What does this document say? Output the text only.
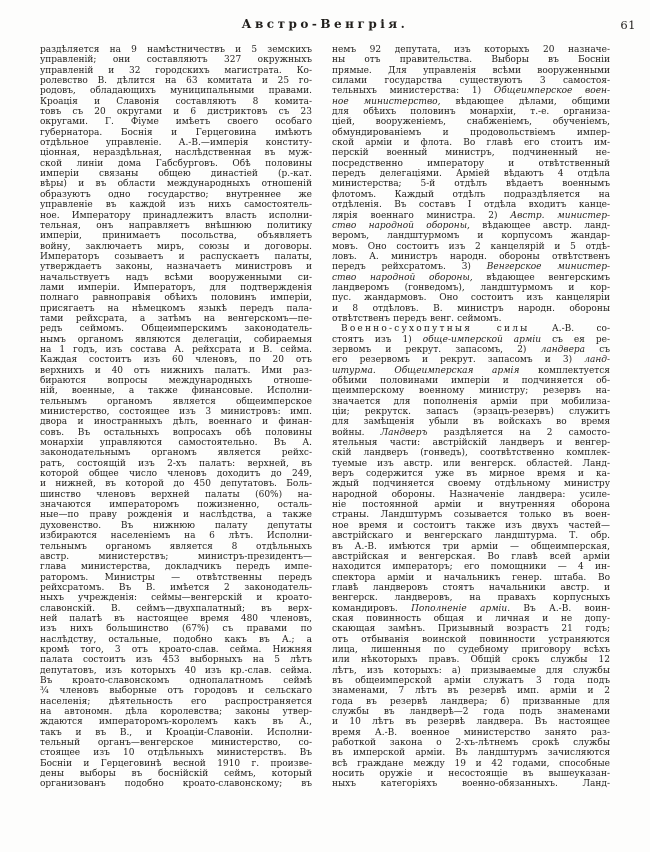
Австро-Венгрія.	61
раздѣляется на 9 намѣстничествъ и 5 земскихъ
управленій; они составляютъ 327 окружныхъ
управленій и 32 городскихъ магистрата. Ко-
ролевство В. дѣлится на 63 комитата и 25 го-
родовъ, обладающихъ муниципальными правами.
Кроація и Славонія составляютъ 8 комита-
товъ съ 20 округами и 6 дистриктовъ съ 23
округами. Г. Фіуме имѣетъ своего особаго
губернатора. Боснія и Герцеговина имѣютъ
отдѣльное управленіе. А.-В.—имперія конститу-
ціонная, нераздѣльная, наслѣдственная въ муж-
ской линіи дома Габсбурговъ. Обѣ половины
имперіи связаны общею династіей (р.-кат.
вѣры) и въ области международныхъ отношеній
образуютъ одно государство; внутреннее же
управленіе въ каждой изъ нихъ самостоятель-
ное. Императору принадлежитъ власть исполни-
тельная, онъ направляетъ внѣшнюю политику
имперіи, принимаетъ посольства, объявляетъ
войну, заключаетъ миръ, союзы и договоры.
Императоръ созываетъ и распускаетъ палаты,
утверждаетъ законы, назначаетъ министровъ и
начальствуетъ надъ всѣми вооруженными си-
лами имперіи. Императоръ, для подтвержденія
полнаго равноправія обѣихъ половинъ имперіи,
присягаетъ на нѣмецкомъ языкѣ передъ пала-
тами рейхсрата, а затѣмъ на венгерскомъ—пе-
редъ сеймомъ. Общеимперскимъ законодатель-
нымъ органомъ являются делегаціи, собираемыя
на 1 годъ, изъ состава А. рейхсрата и В. сейма.
Каждая состоитъ изъ 60 членовъ, по 20 отъ
верхнихъ и 40 отъ нижнихъ палатъ. Ими раз-
бираются вопросы международныхъ отноше-
ній, военные, а также финансовые. Исполни-
тельнымъ органомъ является общеимперское
министерство, состоящее изъ 3 министровъ: имп.
двора и иностранныхъ дѣлъ, военнаго и финан-
совъ. Въ остальныхъ вопросахъ обѣ половины
монархіи управляются самостоятельно. Въ А.
законодательнымъ органомъ является рейхс-
ратъ, состоящій изъ 2-хъ палатъ: верхней, въ
которой общее число членовъ доходитъ до 249,
и нижней, въ которой до 450 депутатовъ. Боль-
шинство членовъ верхней палаты (60%) на-
значаются императоромъ пожизненно, осталь-
ные—по праву рожденія и наслѣдства, а также
духовенство. Въ нижнюю палату депутаты
избираются населеніемъ на 6 лѣтъ. Исполни-
тельнымъ органомъ является 8 отдѣльныхъ
австр. министерствъ; министръ-президентъ—
глава министерства, докладчикъ передъ импе-
раторомъ. Министры — отвѣтственны передъ
рейхсратомъ. Въ В. имѣется 2 законодатель-
ныхъ учрежденія: сеймы—венгерскій и кроато-
славонскій. В. сеймъ—двухпалатный; въ верх-
ней палатѣ въ настоящее время 480 членовъ,
изъ нихъ большинство (67%) съ правами по
наслѣдству, остальные, подобно какъ въ А.; а
кромѣ того, 3 отъ кроато-слав. сейма. Нижняя
палата состоитъ изъ 453 выборныхъ на 5 лѣтъ
депутатовъ, изъ которыхъ 40 изъ кр.-слав. сейма.
Въ кроато-славонскомъ однопалатномъ сеймѣ
¾ членовъ выборные отъ городовъ и сельскаго
населенія; дѣятельность его распространяется
на автономн. дѣла королевства; законы утвер-
ждаются императоромъ-королемъ какъ въ А.,
такъ и въ В., и Кроаціи-Славоніи. Исполни-
тельный органъ—венгерское министерство, со-
стоящее изъ 10 отдѣльныхъ министерствъ. Въ
Босніи и Герцеговинѣ весной 1910 г. произве-
дены выборы въ боснійскій сеймъ, который
организованъ подобно кроато-славонскому; въ
немъ 92 депутата, изъ которыхъ 20 назначе-
ны отъ правительства. Выборы въ Босніи
прямые. Для управленія всѣми вооруженными
силами государства существуютъ 3 самостоя-
тельныхъ министерства: 1) Общеимперское воен-
ное министерство, вѣдающее дѣлами, общими
для обѣихъ половинъ монархіи, т.-е. организа-
ціей, вооруженіемъ, снабженіемъ, обученіемъ,
обмундированіемъ и продовольствіемъ импер-
ской арміи и флота. Во главѣ его стоитъ им-
перскій военный министръ, подчиненный не-
посредственно императору и отвѣтственный
передъ делегаціями. Арміей вѣдаютъ 4 отдѣла
министерства; 5-й отдѣлъ вѣдаетъ военнымъ
флотомъ. Каждый отдѣлъ подраздѣляется на
отдѣленія. Въ составъ I отдѣла входитъ канце-
лярія военнаго министра. 2) Австр. министер-
ство народной обороны, вѣдающее австр. ланд-
веромъ, ландштурмомъ и корпусомъ жандар-
мовъ. Оно состоитъ изъ 2 канцелярій и 5 отдѣ-
ловъ. А. министръ народн. обороны отвѣтственъ
передъ рейхсратомъ. 3) Венгерское министер-
ство народной обороны, вѣдающее венгерскимъ
ландверомъ (гонведомъ), ландштурмомъ и кор-
пус. жандармовъ. Оно состоитъ изъ канцеляріи
и 8 отдѣловъ. В. министръ народн. обороны
отвѣтственъ передъ венг. сеймомъ.
Военно-сухопутныя силы А.-В. со-
стоятъ изъ 1) обще-имперской арміи съ ея ре-
зервомъ и рекрут. запасомъ, 2) ландвера съ
его резервомъ и рекрут. запасомъ и 3) ланд-
штурма. Общеимперская армія комплектуется
обѣими половинами имперіи и подчиняется об-
щеимперскому военному министру; резервъ на-
значается для пополненія арміи при мобилиза-
ціи; рекрутск. запасъ (эрзацъ-резервъ) служитъ
для замѣщенія убыли въ войскахъ во время
войны. Ландверъ раздѣляется на 2 самосто-
ятельныя части: австрійскій ландверъ и венгер-
скій ландверъ (гонведъ), соотвѣтственно комплек-
туемые изъ австр. или венгерск. областей. Ланд-
веръ содержится уже въ мирное время и ка-
ждый подчиняется своему отдѣльному министру
народной обороны. Назначеніе ландвера: усиле-
ніе постоянной арміи и внутренняя оборона
страны. Ландштурмъ созывается только въ воен-
ное время и состоитъ также изъ двухъ частей—
австрійскаго и венгерскаго ландштурма. Т. обр.
въ А.-В. имѣются три арміи — общеимперская,
австрійская и венгерская. Во главѣ всей арміи
находится императоръ; его помощники — 4 ин-
спектора арміи и начальникъ генер. штаба. Во
главѣ ландверовъ стоятъ начальники австр. и
венгерск. ландверовъ, на правахъ корпусныхъ
командировъ. Пополненіе арміи. Въ А.-В. воин-
ская повинность общая и личная и не допу-
скающая замѣнъ. Призывный возрастъ 21 годъ;
отъ отбыванія воинской повинности устраняются
лица, лишенныя по судебному приговору всѣхъ
или нѣкоторыхъ правъ. Общій срокъ службы 12
лѣтъ, изъ которыхъ: а) призываемые для службы
въ общеимперской арміи служатъ 3 года подъ
знаменами, 7 лѣтъ въ резервѣ имп. арміи и 2
года въ резервѣ ландвера; б) призванные для
службы въ ландверѣ—2 года подъ знаменами
и 10 лѣтъ въ резервѣ ландвера. Въ настоящее
время А.-В. военное министерство занято раз-
работкой закона о 2-хъ-лѣтнемъ срокѣ службы
въ имперской арміи. Въ ландштурмъ зачисляются
всѣ граждане между 19 и 42 годами, способные
носить оружіе и несостоящіе въ вышеуказан-
ныхъ категоріяхъ военно-обязанныхъ. Ланд-
